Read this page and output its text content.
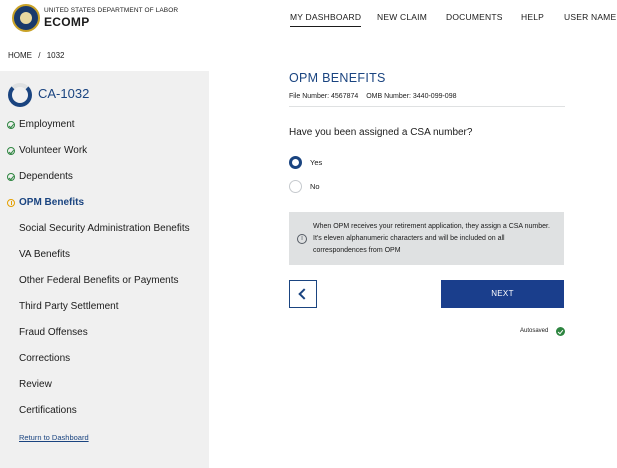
UNITED STATES DEPARTMENT OF LABOR
ECOMP	MY DASHBOARD NEW CLAIM DOCUMENTS HELP USER NAME
HOME / 1032
CA-1032
Employment
Volunteer Work
Dependents
OPM Benefits
Social Security Administration Benefits
VA Benefits
Other Federal Benefits or Payments
Third Party Settlement
Fraud Offenses
Corrections
Review
Certifications
Return to Dashboard
OPM BENEFITS
File Number: 4567874 OMB Number: 3440-099-098
Have you been assigned a CSA number?
Yes
No
i
When OPM receives your retirement application, they assign a CSA number. It's eleven alphanumeric characters and will be included on all correspondences from OPM
NEXT
Autosaved
